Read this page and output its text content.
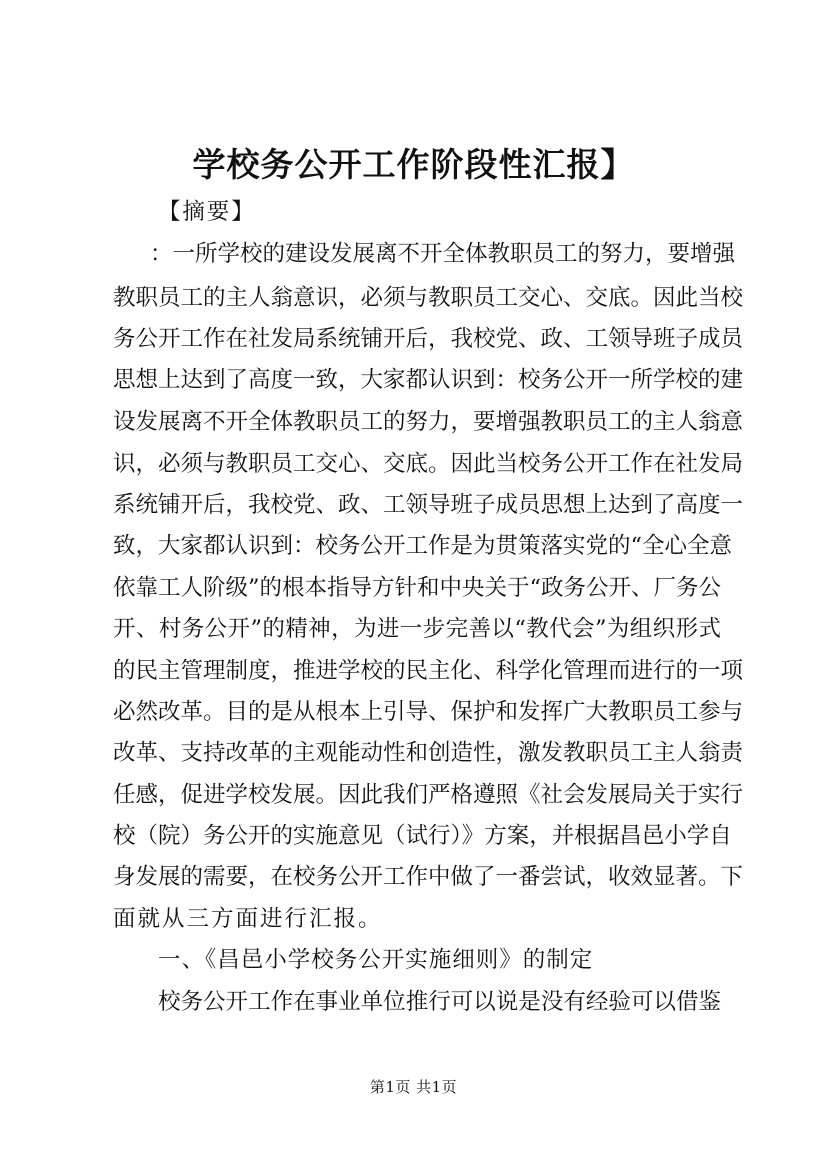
学校务公开工作阶段性汇报】
【摘要】
：一所学校的建设发展离不开全体教职员工的努力，要增强
教职员工的主人翁意识，必须与教职员工交心、交底。因此当校
务公开工作在社发局系统铺开后，我校党、政、工领导班子成员
思想上达到了高度一致，大家都认识到：校务公开一所学校的建
设发展离不开全体教职员工的努力，要增强教职员工的主人翁意
识，必须与教职员工交心、交底。因此当校务公开工作在社发局
系统铺开后，我校党、政、工领导班子成员思想上达到了高度一
致，大家都认识到：校务公开工作是为贯策落实党的“全心全意
依靠工人阶级”的根本指导方针和中央关于“政务公开、厂务公
开、村务公开”的精神，为进一步完善以“教代会”为组织形式
的民主管理制度，推进学校的民主化、科学化管理而进行的一项
必然改革。目的是从根本上引导、保护和发挥广大教职员工参与
改革、支持改革的主观能动性和创造性，激发教职员工主人翁责
任感，促进学校发展。因此我们严格遵照《社会发展局关于实行
校（院）务公开的实施意见（试行）》方案，并根据昌邑小学自
身发展的需要，在校务公开工作中做了一番尝试，收效显著。下
面就从三方面进行汇报。
一、《昌邑小学校务公开实施细则》的制定
校务公开工作在事业单位推行可以说是没有经验可以借鉴
第1页 共1页
